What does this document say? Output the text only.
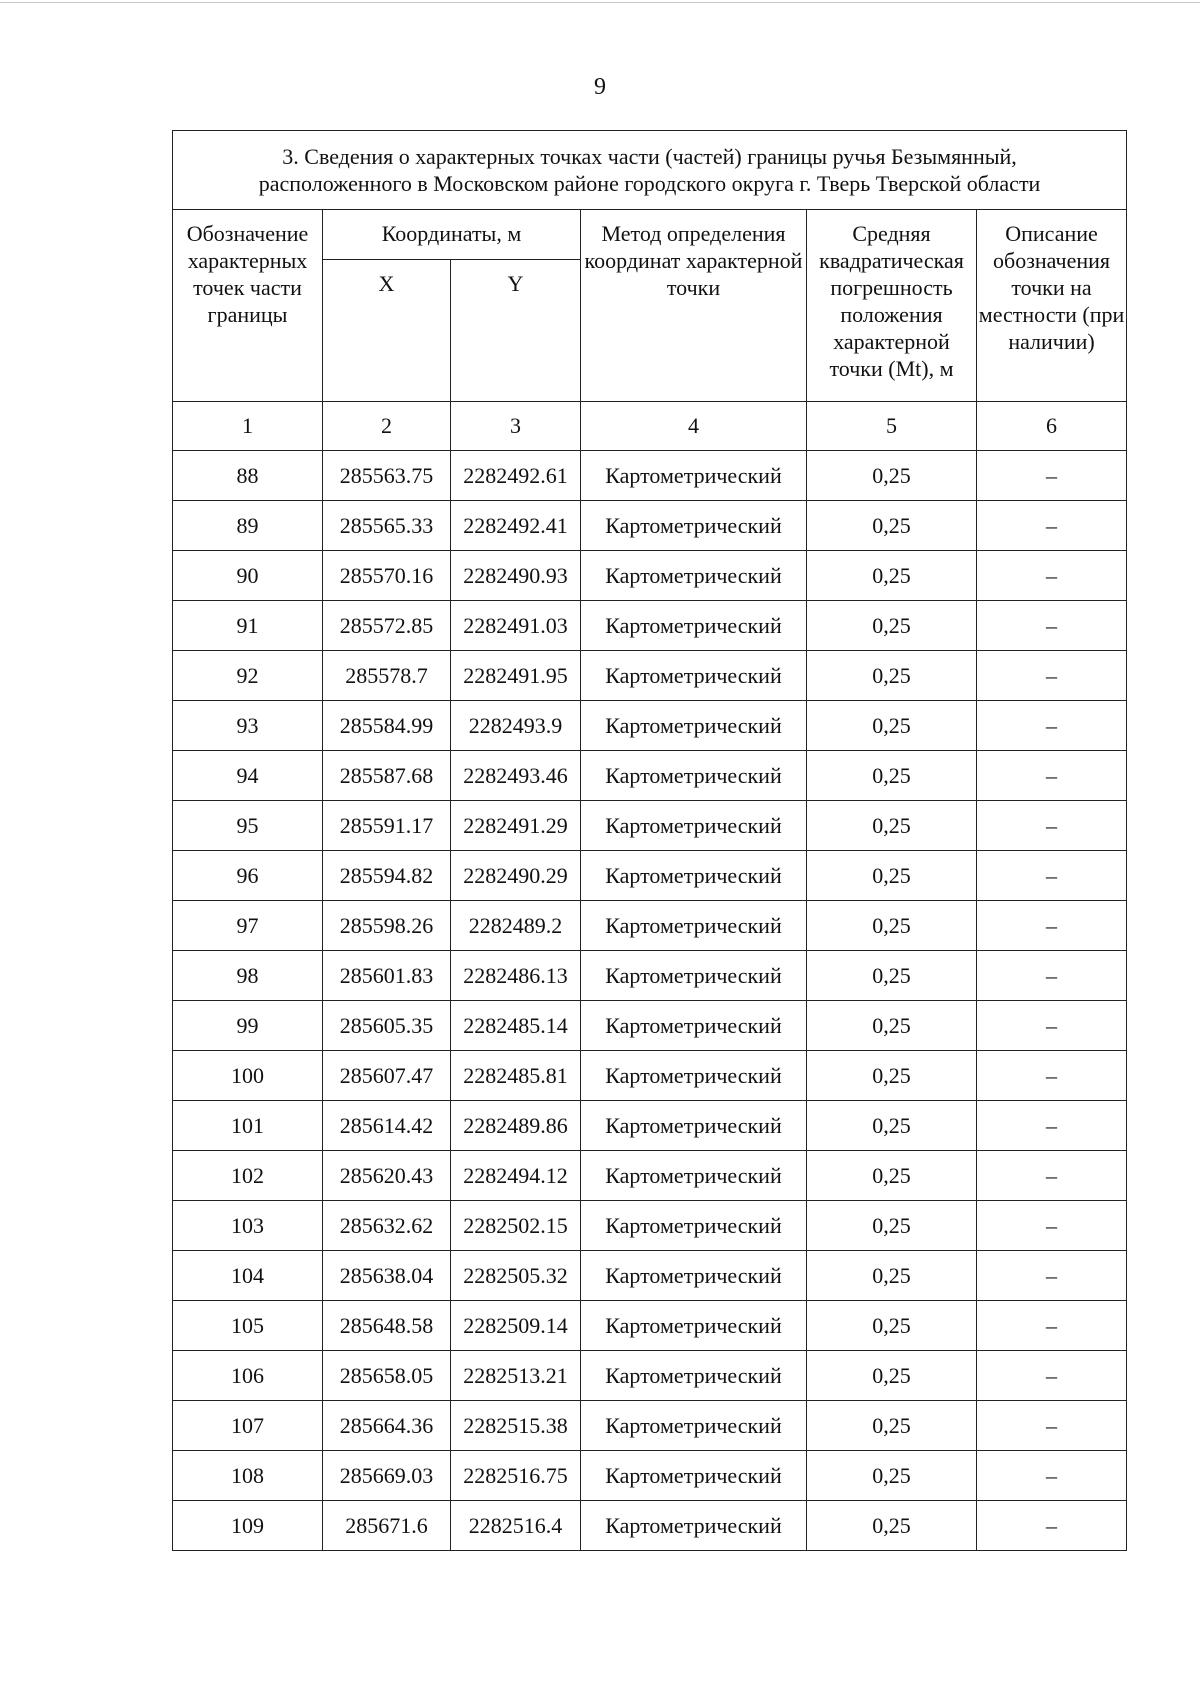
9
3. Сведения о характерных точках части (частей) границы ручья Безымянный,
расположенного в Московском районе городского округа г. Тверь Тверской области					

Обозначение характерных точек части границы	Координаты, м		Метод определения координат характерной точки	Средняя квадратическая погрешность положения характерной точки (Mt), м	Описание обозначения точки на местности (при наличии)
	X	Y			
1	2	3	4	5	6
88	285563.75	2282492.61	Картометрический	0,25	–
89	285565.33	2282492.41	Картометрический	0,25	–
90	285570.16	2282490.93	Картометрический	0,25	–
91	285572.85	2282491.03	Картометрический	0,25	–
92	285578.7	2282491.95	Картометрический	0,25	–
93	285584.99	2282493.9	Картометрический	0,25	–
94	285587.68	2282493.46	Картометрический	0,25	–
95	285591.17	2282491.29	Картометрический	0,25	–
96	285594.82	2282490.29	Картометрический	0,25	–
97	285598.26	2282489.2	Картометрический	0,25	–
98	285601.83	2282486.13	Картометрический	0,25	–
99	285605.35	2282485.14	Картометрический	0,25	–
100	285607.47	2282485.81	Картометрический	0,25	–
101	285614.42	2282489.86	Картометрический	0,25	–
102	285620.43	2282494.12	Картометрический	0,25	–
103	285632.62	2282502.15	Картометрический	0,25	–
104	285638.04	2282505.32	Картометрический	0,25	–
105	285648.58	2282509.14	Картометрический	0,25	–
106	285658.05	2282513.21	Картометрический	0,25	–
107	285664.36	2282515.38	Картометрический	0,25	–
108	285669.03	2282516.75	Картометрический	0,25	–
109	285671.6	2282516.4	Картометрический	0,25	–
